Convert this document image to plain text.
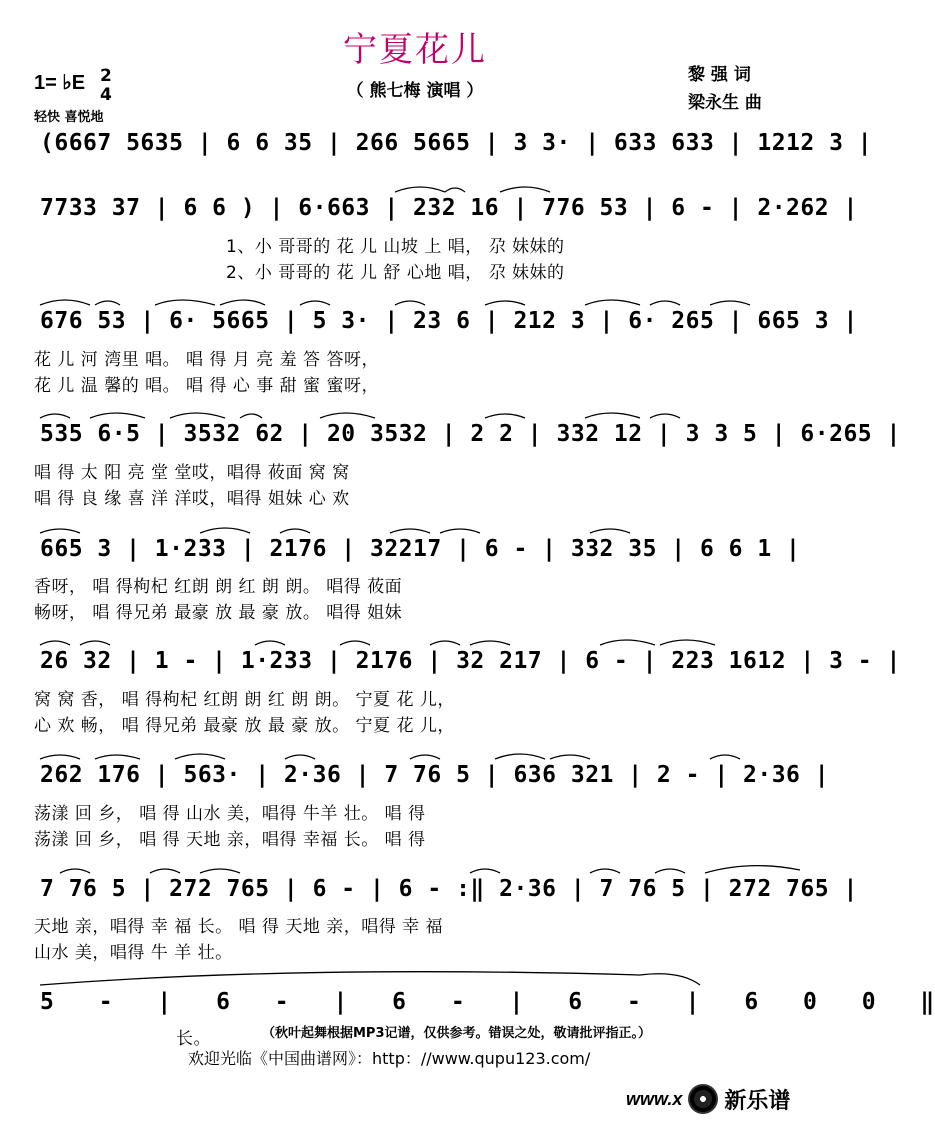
宁夏花儿
（ 熊七梅 演唱 ）
黎 强 词
梁永生 曲
1= ♭E 2
4
轻快 喜悦地
(6667 5635 | 6 6 35 | 266 5665 | 3 3· | 633 633 | 1212 3 |
7733 37 | 6 6 ) | 6·663 | 232 16 | 776 53 | 6 - | 2·262 |
1、小 哥哥的 花 儿 山坡 上 唱， 尕 妹妹的
2、小 哥哥的 花 儿 舒 心地 唱， 尕 妹妹的
676 53 | 6· 5665 | 5 3· | 23 6 | 212 3 | 6· 265 | 665 3 |
花 儿 河 湾里 唱。 唱 得 月 亮 羞 答 答呀，
花 儿 温 馨的 唱。 唱 得 心 事 甜 蜜 蜜呀，
535 6·5 | 3532 62 | 20 3532 | 2 2 | 332 12 | 3 3 5 | 6·265 |
唱 得 太 阳 亮 堂 堂哎，唱得 莜面 窝 窝
唱 得 良 缘 喜 洋 洋哎，唱得 姐妹 心 欢
665 3 | 1·233 | 2176 | 32217 | 6 - | 332 35 | 6 6 1 |
香呀， 唱 得枸杞 红朗 朗 红 朗 朗。 唱得 莜面
畅呀， 唱 得兄弟 最豪 放 最 豪 放。 唱得 姐妹
26 32 | 1 - | 1·233 | 2176 | 32 217 | 6 - | 223 1612 | 3 - |
窝 窝 香， 唱 得枸杞 红朗 朗 红 朗 朗。 宁夏 花 儿，
心 欢 畅， 唱 得兄弟 最豪 放 最 豪 放。 宁夏 花 儿，
262 176 | 563· | 2·36 | 7 76 5 | 636 321 | 2 - | 2·36 |
荡漾 回 乡， 唱 得 山水 美，唱得 牛羊 壮。 唱 得
荡漾 回 乡， 唱 得 天地 亲，唱得 幸福 长。 唱 得
7 76 5 | 272 765 | 6 - | 6 - :‖ 2·36 | 7 76 5 | 272 765 |
天地 亲，唱得 幸 福 长。 唱 得 天地 亲，唱得 幸 福
山水 美，唱得 牛 羊 壮。
5 - | 6 - | 6 - | 6 - | 6 0 0 ‖
长。	（秋叶起舞根据MP3记谱，仅供参考。错误之处，敬请批评指正。）
欢迎光临《中国曲谱网》：http：//www.qupu123.com/
www.x 新乐谱
